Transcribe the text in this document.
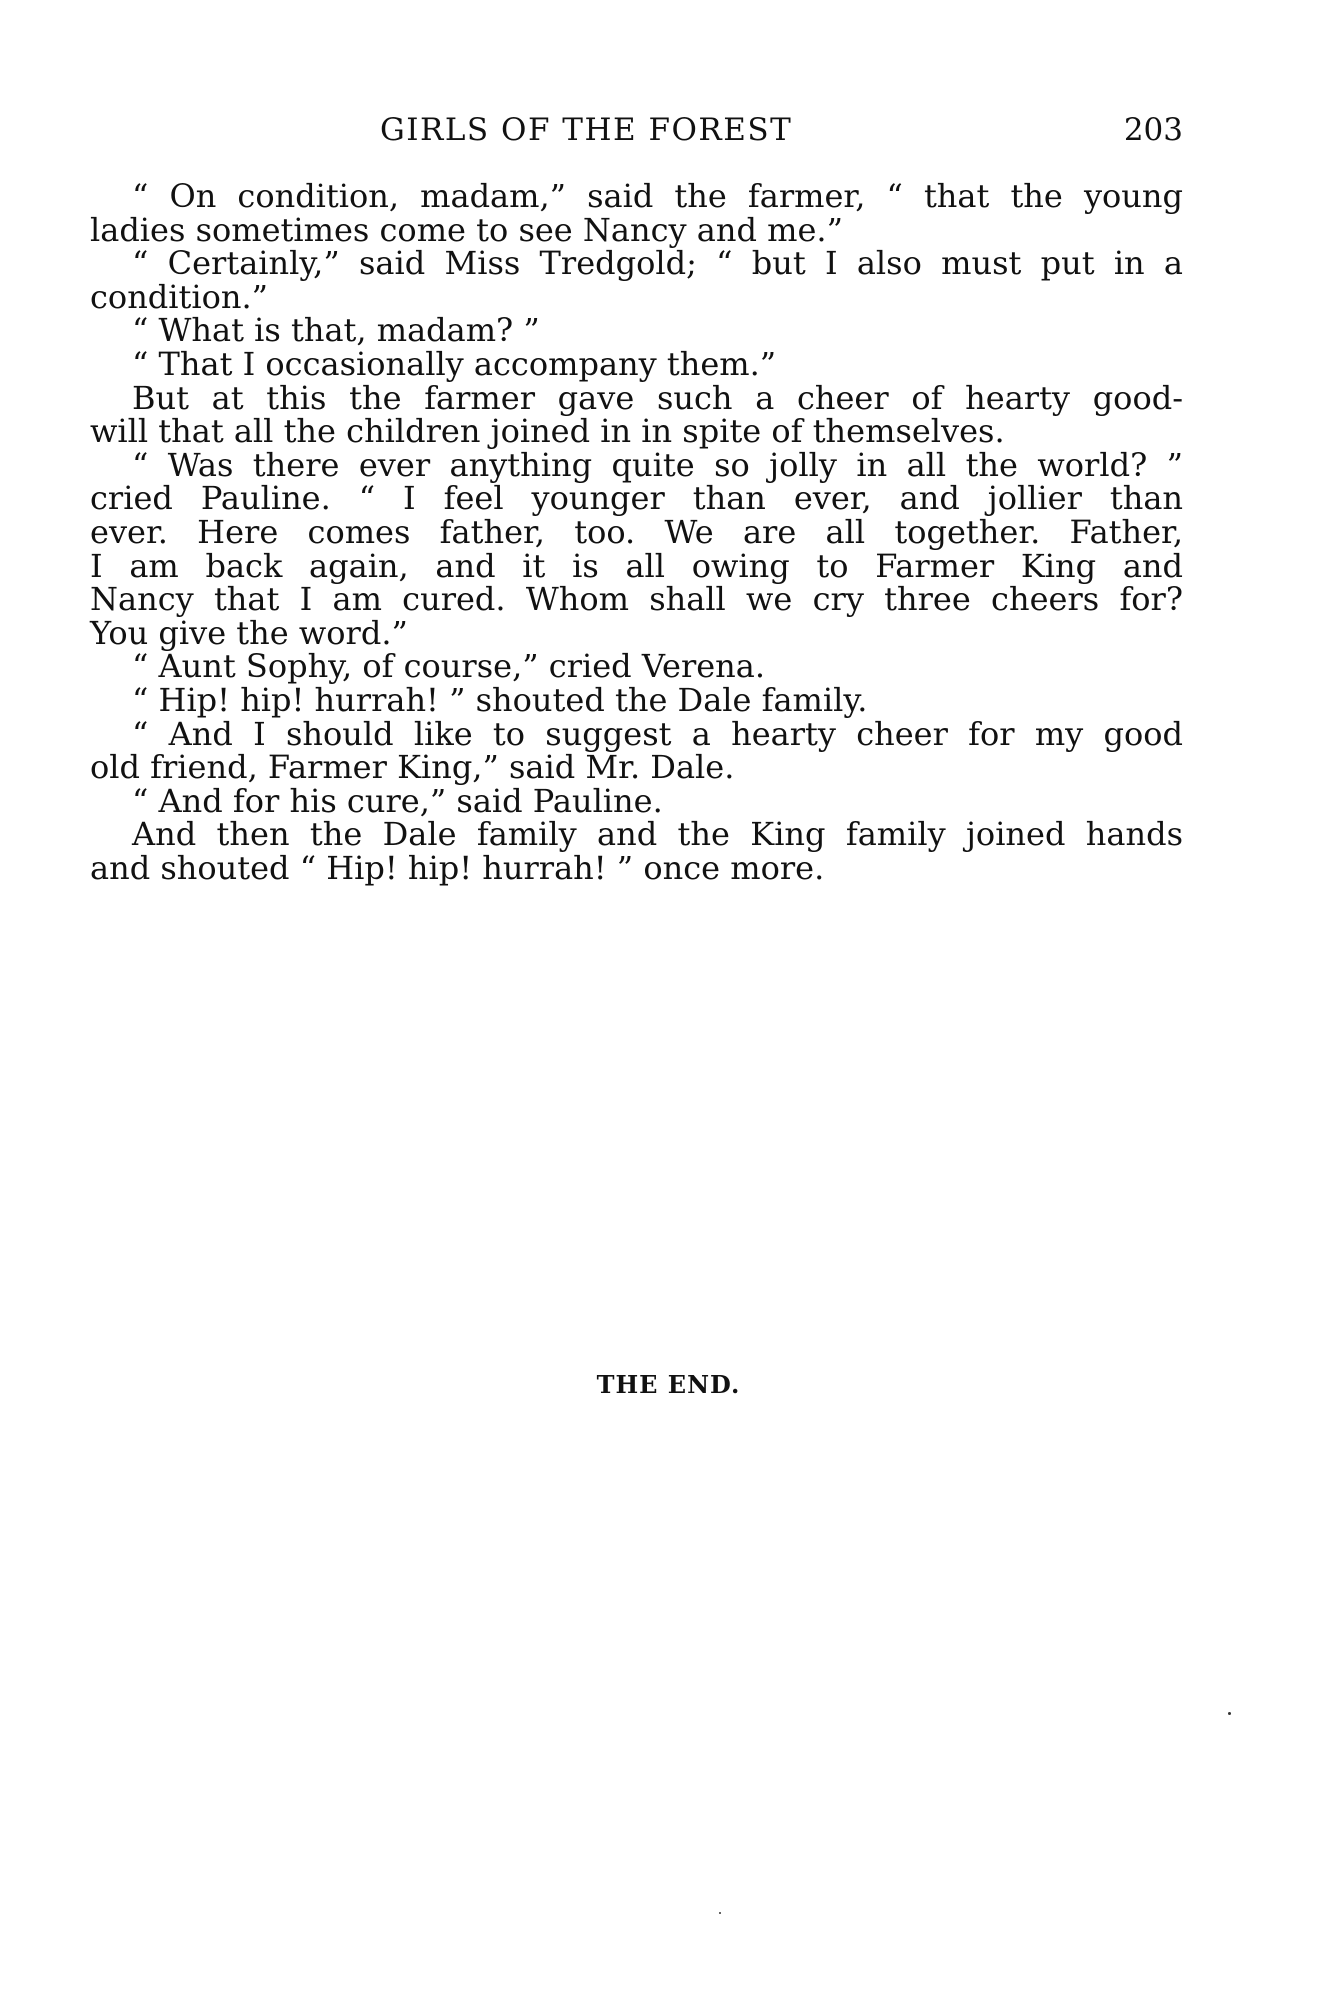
GIRLS OF THE FOREST	203
“ On condition, madam,” said the farmer, “ that the young
ladies sometimes come to see Nancy and me.”
“ Certainly,” said Miss Tredgold; “ but I also must put in a
condition.”
“ What is that, madam? ”
“ That I occasionally accompany them.”
But at this the farmer gave such a cheer of hearty good-
will that all the children joined in in spite of themselves.
“ Was there ever anything quite so jolly in all the world? ”
cried Pauline. “ I feel younger than ever, and jollier than
ever. Here comes father, too. We are all together. Father,
I am back again, and it is all owing to Farmer King and
Nancy that I am cured. Whom shall we cry three cheers for?
You give the word.”
“ Aunt Sophy, of course,” cried Verena.
“ Hip! hip! hurrah! ” shouted the Dale family.
“ And I should like to suggest a hearty cheer for my good
old friend, Farmer King,” said Mr. Dale.
“ And for his cure,” said Pauline.
And then the Dale family and the King family joined hands
and shouted “ Hip! hip! hurrah! ” once more.
THE END.
